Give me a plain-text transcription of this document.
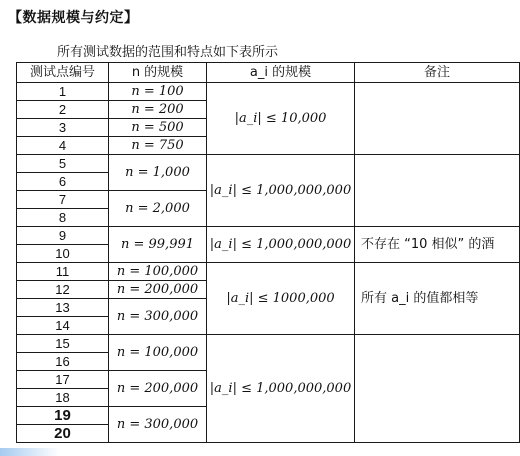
【数据规模与约定】
所有测试数据的范围和特点如下表所示
测试点编号	n 的规模	a_i 的规模	备注
1	n = 100	|a_i| ≤ 10,000	
2	n = 200		
3	n = 500		
4	n = 750		
5	n = 1,000	|a_i| ≤ 1,000,000,000	
6			
7	n = 2,000		
8			
9	n = 99,991	|a_i| ≤ 1,000,000,000	不存在 “10 相似” 的酒
10			
11	n = 100,000	|a_i| ≤ 1000,000	所有 a_i 的值都相等
12	n = 200,000		
13	n = 300,000		
14			
15	n = 100,000	|a_i| ≤ 1,000,000,000	
16			
17	n = 200,000		
18			
19	n = 300,000		
20			
